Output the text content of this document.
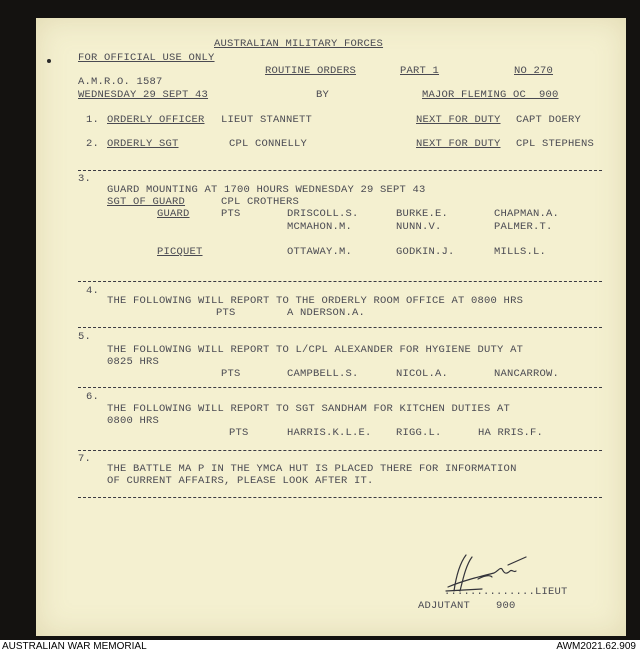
AUSTRALIAN MILITARY FORCES
FOR OFFICIAL USE ONLY
ROUTINE ORDERS	PART 1	NO 270
A.M.R.O. 1587
WEDNESDAY 29 SEPT 43	BY	MAJOR FLEMING OC  900
1. ORDERLY OFFICER LIEUT STANNETT	NEXT FOR DUTY CAPT DOERY
2. ORDERLY SGT	CPL CONNELLY	NEXT FOR DUTY CPL STEPHENS
3.
GUARD MOUNTING AT 1700 HOURS WEDNESDAY 29 SEPT 43
SGT OF GUARD	CPL CROTHERS
GUARD	PTS	DRISCOLL.S.	BURKE.E.	CHAPMAN.A.
MCMAHON.M.	NUNN.V.	PALMER.T.
PICQUET	OTTAWAY.M.	GODKIN.J.	MILLS.L.
4.
THE FOLLOWING WILL REPORT TO THE ORDERLY ROOM OFFICE AT 0800 HRS
PTS	A NDERSON.A.
5.
THE FOLLOWING WILL REPORT TO L/CPL ALEXANDER FOR HYGIENE DUTY AT
0825 HRS
PTS	CAMPBELL.S.	NICOL.A.	NANCARROW.
6.
THE FOLLOWING WILL REPORT TO SGT SANDHAM FOR KITCHEN DUTIES AT
0800 HRS
PTS	HARRIS.K.L.E. RIGG.L.	HA RRIS.F.
7.
THE BATTLE MA P IN THE YMCA HUT IS PLACED THERE FOR INFORMATION
OF CURRENT AFFAIRS, PLEASE LOOK AFTER IT.
..............LIEUT
ADJUTANT 900
AUSTRALIAN WAR MEMORIAL	AWM2021.62.909
